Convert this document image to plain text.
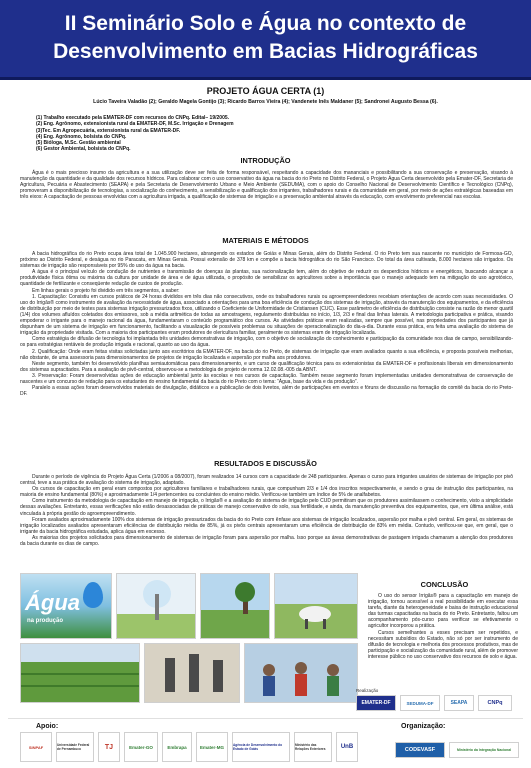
II Seminário Solo e Água no contexto de
Desenvolvimento em Bacias Hidrográficas
PROJETO ÁGUA CERTA (1)
Lúcio Taveira Valadão (2); Geraldo Magela Gontijo (3); Ricardo Barros Vieira (4); Vandenete Inês Maldaner (5); Sandronei Augusto Bessa (6).
(1) Trabalho executado pela EMATER-DF com recursos do CNPq. Edital– 19/2005.
(2) Eng. Agrônomo, extensionista rural da EMATER-DF, M.Sc. Irrigação e Drenagem
(3)Tec. Em Agropecuária, extensionista rural da EMATER-DF.
(4) Eng. Agrônomo, bolsista do CNPq.
(5) Bióloga, M.Sc. Gestão ambiental
(6) Gestor Ambiental, bolsista do CNPq.
INTRODUÇÃO

Água é o mais precioso insumo da agricultura e a sua utilização deve ser feita de forma responsável, respeitando a capacidade dos mananciais e possibilitando a sua conservação e preservação, visando à manutenção da quantidade e da qualidade dos recursos hídricos. Para colaborar com o uso conservativo da água na bacia do rio Preto no Distrito Federal, o Projeto Água Certa desenvolvido pela Emater-DF, Secretaria de Agricultura, Pecuária e Abastecimento (SEAPA) e pela Secretaria de Desenvolvimento Urbano e Meio Ambiente (SEDUMA), com o apoio do Conselho Nacional de Desenvolvimento Científico e Tecnológico (CNPq), promoveram a disponibilização de tecnologias, a socialização do conhecimento, a sensibilização e qualificação dos irrigantes, trabalhadores rurais e da comunidade em geral, por meio de ações estratégicas baseadas em três eixos: A capacitação de pessoas envolvidas com a agricultura irrigada, a qualificação de sistemas de irrigação e a preservação ambiental através da educação, com envolvimento preferencial nas escolas.

MATERIAIS E MÉTODOS

A bacia hidrográfica do rio Preto ocupa área total de 1.045.900 hectares, abrangendo os estados de Goiás e Minas Gerais, além do Distrito Federal. O rio Preto tem sua nascente no município de Formosa-GO, próximo ao Distrito Federal, e deságua no rio Paracatu, em Minas Gerais. Possui extensão de 378 km e compõe a bacia hidrográfica do rio São Francisco. Do total da área cultivada, 8.000 hectares são irrigados. Os sistemas de irrigação são responsáveis por 95% do uso da água na bacia.

A água é o principal veículo de condução de nutrientes e transmissão de doenças às plantas, sua racionalização tem, além do objetivo de reduzir os desperdícios hídricos e energéticos, buscando alcançar a produtividade física ótima ou máxima da cultura por unidade de área e de água utilizada, o propósito de sensibilizar os agricultores sobre a importância que o manejo adequado tem na mitigação do uso agrotóxico, quantidade de fertilizante e conseqüente redução de custos de produção.

Em linhas gerais o projeto foi dividido em três segmentos, a saber:

1. Capacitação: Consistiu em cursos práticos de 24 horas divididos em três dias não consecutivos, onde os trabalhadores rurais ou agroempreendedores recebiam orientações de acordo com suas necessidades. O uso do Irrigâs® como instrumento de avaliação da necessidade de água, associado a orientações para uma boa eficiência de condução dos sistemas de irrigação, através da manutenção dos equipamentos, e da eficiência de distribuição por meio de testes para sistemas irrigação pressurizados fixos, utilizando o Coeficiente de Uniformidade de Cristiansen (CUC). Esse parâmetro de eficiência de distribuição consiste na razão do menor quartil (1/4) dos volumes afluídos coletados dos emissores, sob a média aritmética de todas as amostragens, regulamento distribuídas no início, 1/3, 2/3 e final das linhas laterais. A metodologia participativa e prática, visando empoderar o irrigante para o manejo racional da água, fundamentaram o conteúdo programático dos cursos. As atividades práticas eram realizadas, sempre que possível, nas propriedades dos participantes que já dispunham de um sistema de irrigação em funcionamento, facilitando a visualização de possíveis problemas ou situações de operacionalização do dia-a-dia. Durante essa prática, era feita uma avaliação do sistema de irrigação da propriedade visitada. Com a maioria dos participantes eram produtores de olericultura familiar, geralmente os sistemas eram de irrigação localizada.

Como estratégia de difusão de tecnologia foi implantada três unidades demonstrativas de irrigação, com o objetivo de socialização do conhecimento e participação da comunidade nos dias de campo, sensibilizando-os para estratégias rentáveis de produção irrigada e racional, quanto ao uso da água.

2. Qualificação: Onde eram feitas visitas solicitadas junto aos escritórios da EMATER-DF, na bacia do rio Preto, de sistemas de irrigação que eram avaliados quanto a sua eficiência, e proposta possíveis melhorias, não obstante, de uma assessoria para dimensionamentos de projetos de irrigação localizada e aspersão por malha aos produtores.

Neste segmento, também foi desenvolvido planilhas semiautomáticas para dimensionamento, e um curso de qualificação técnica para os extensionistas da EMATER-DF e profissionais liberais em dimensionamento dos sistemas supracitados. Para a avaliação de pivô-central, observou-se a metodologia de projeto de norma 12.02.08.-005 da ABNT.

3. Preservação: Foram desenvolvidas ações de educação ambiental junto às escolas e nos cursos de capacitação. Também nesse segmento foram implementadas unidades demonstrativas de conservação de nascentes e um concurso de redação para os estudantes do ensino fundamental da bacia do rio Preto com o tema: “Água, base da vida e da produção”.

Paralelo a essas ações foram desenvolvidos materiais de divulgação, didáticos e a publicação de dois livretos, além de participações em eventos e fóruns de discussão na formação do comitê da bacia do rio Preto-DF.

RESULTADOS E DISCUSSÃO

Durante o período de vigência do Projeto Água Certa (1/2006 a 08/2007), foram realizados 14 cursos com a capacidade de 248 participantes. Apenas o curso para irrigantes usuários de sistemas de irrigação por pivô central, teve a sua prática de avaliação do sistema de irrigação, adaptado.

Os cursos de capacitação em geral eram compostos por agricultores familiares e trabalhadores rurais, que compunham 2/3 e 1/4 dos inscritos respectivamente, e sendo o grau de instrução dos participantes, na maioria de ensino fundamental (80%) e aproximadamente 1/4 pertencentes ou concluintes do ensino médio. Verificou-se também um índice de 5% de analfabetos.

Como instrumento da metodologia de capacitação em manejo de irrigação, o Irrigâs® e a avaliação do sistema de irrigação pelo CUD permitiram que os produtores assimilassem o conhecimento, visto a simplicidade dessas avaliações. Entretanto, essas verificações não estão desassociadas de práticas de manejo conservativo do solo, sua fertilidade, e ainda, da manutenção preventiva dos equipamentos, que, em última análise, está vinculada à própria gestão do agroempreendimento.

Foram avaliados aproximadamente 100% dos sistemas de irrigação pressurizados da bacia do rio Preto com ênfase aos sistemas de irrigação localizados, aspersão por malha e pivô central. Em geral, os sistemas de irrigação localizados avaliados apresentaram eficiências de distribuição média de 85%, já os pivôs centrais apresentaram uma eficiência de distribuição de 83% em média. Contudo, verificou-se que, em geral, que o irrigante da bacia hidrográfica estudada, aplica água em excesso.

As maiorias dos projetos solicitados para dimensionamento de sistemas de irrigação foram para aspersão por malha. Isso porque as áreas demonstrativas de pastagem irrigada chamaram a atenção dos produtores da bacia durante os dias de campo.

Água
na produção
CONCLUSÃO

O uso do sensor Irrigâs® para a capacitação em manejo de irrigação, tornou acessível a real possibilidade em executar essa tarefa, diante da heterogeneidade e baixa de instrução educacional das turmas capacitadas na bacia do rio Preto. Entretanto, faltou um acompanhamento pós-curso para verificar se efetivamente o agricultor incorporou a prática.

Cursos semelhantes a esses precisam ser repetidos, e necessitam subsídios do Estado, não só por ser instrumento de difusão de tecnologia e melhoria dos processos produtivos, mas de participação e socialização da comunidade rural, além de promover interesse público no uso conservativo dos recursos de solo e água.

Realização
EMATER-DF	SEDUMA-DF	SEAPA	CNPq
Apoio:
SINPAF	Universidade Federal de Pernambuco	TJ	Emater-GO	Embrapa	Emater-MG	Agência de Desenvolvimento do Estado de Goiás
Ministério das Relações Exteriores	UnB
Organização:
CODEVASF	Ministério da Integração Nacional
